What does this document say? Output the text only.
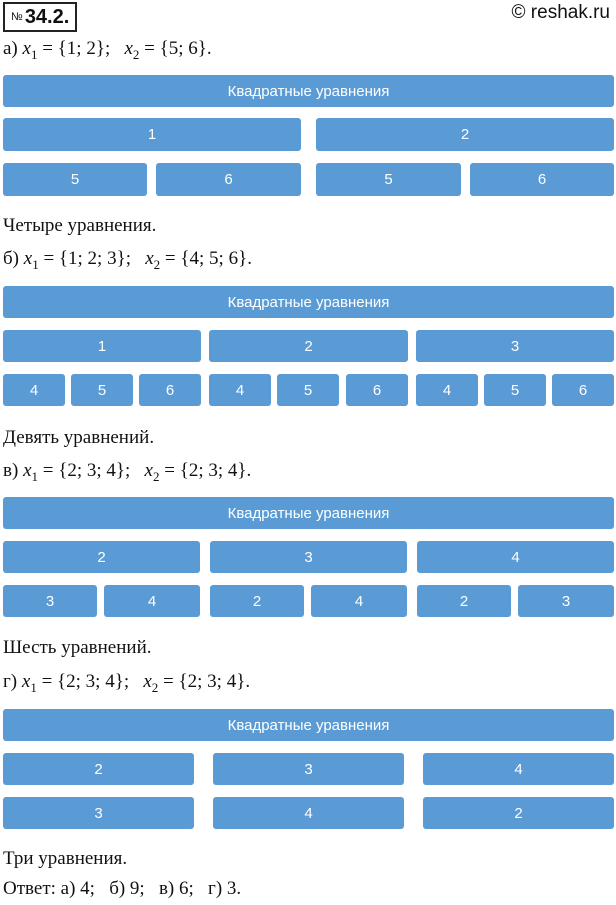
№ 34.2.	© reshak.ru
а) $x_1 = \{1$; 2};   $x_2 = \{5$; 6}.
Квадратные уравнения
1	2
5	6	5	6
Четыре уравнения.
б) $x_1 = \{1$; 2; 3};   $x_2 = \{4$; 5; 6}.
Квадратные уравнения
1	2	3
4	5	6	4	5	6	4	5	6
Девять уравнений.
в) $x_1 = \{2$; 3; 4};   $x_2 = \{2$; 3; 4}.
Квадратные уравнения
2	3	4
3	4	2	4	2	3
Шесть уравнений.
г) $x_1 = \{2$; 3; 4};   $x_2 = \{2$; 3; 4}.
Квадратные уравнения
2	3	4
3	4	2
Три уравнения.
Ответ: а) 4;   б) 9;   в) 6;   г) 3.
